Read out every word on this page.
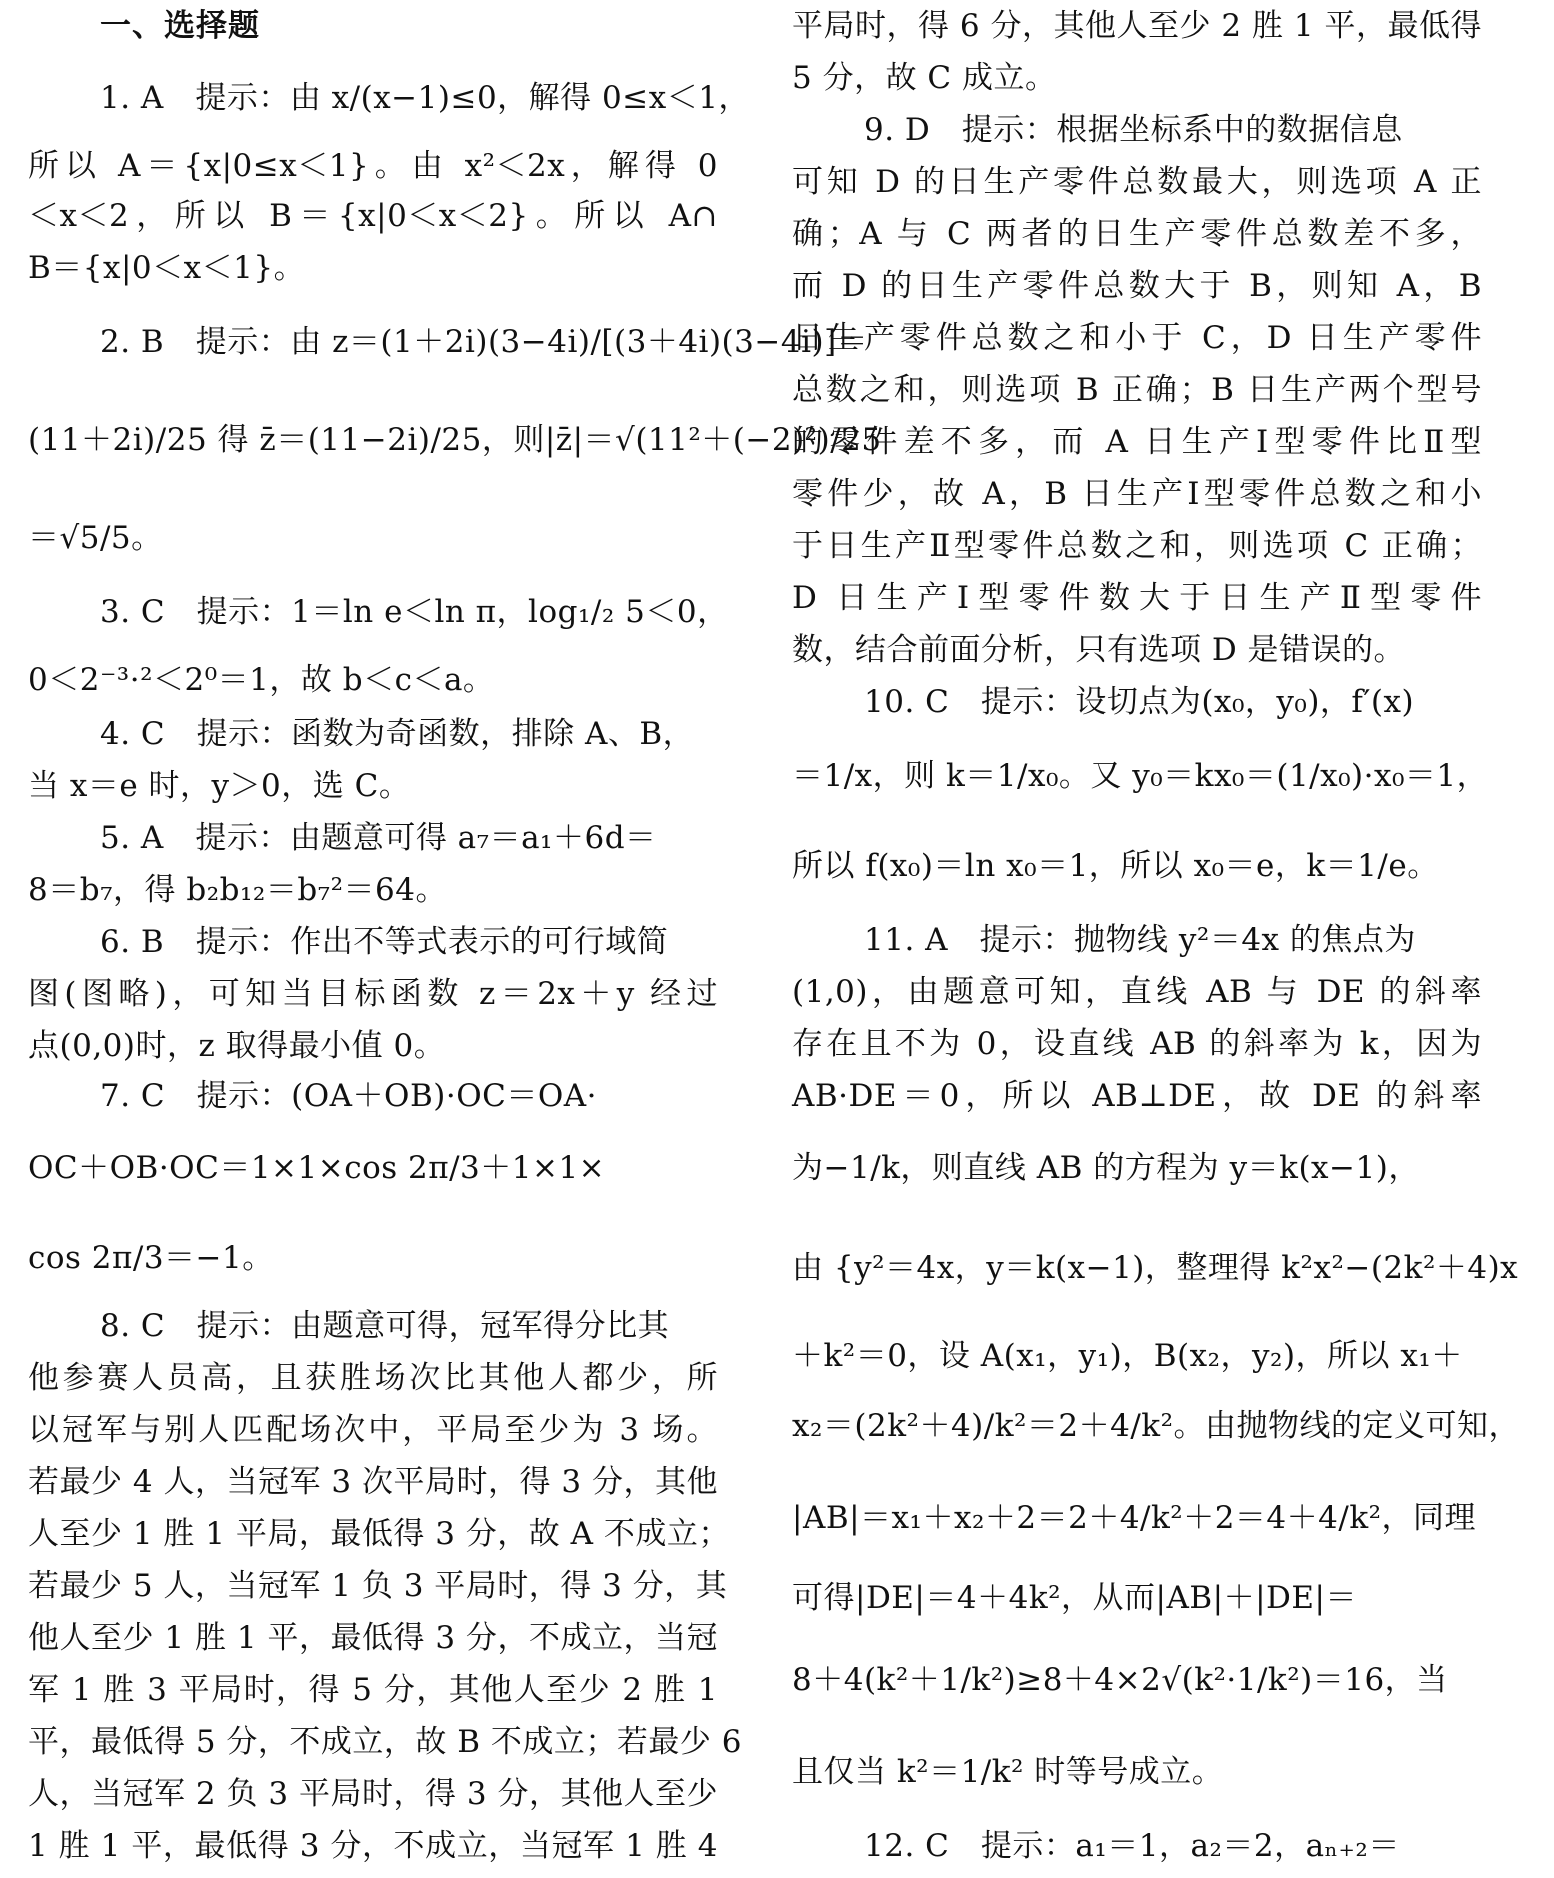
一、选择题
1. A　提示：由 x/(x−1)≤0，解得 0≤x＜1，
所以 A＝{x|0≤x＜1}。由 x²＜2x，解得 0
＜x＜2，所以 B＝{x|0＜x＜2}。所以 A∩
B＝{x|0＜x＜1}。
2. B　提示：由 z＝(1＋2i)(3−4i)/[(3＋4i)(3−4i)]＝
(11＋2i)/25 得 z̄＝(11−2i)/25，则|z̄|＝√(11²＋(−2)²)/25
＝√5/5。
3. C　提示：1＝ln e＜ln π，log₁/₂ 5＜0，
0＜2⁻³·²＜2⁰＝1，故 b＜c＜a。
4. C　提示：函数为奇函数，排除 A、B，
当 x＝e 时，y＞0，选 C。
5. A　提示：由题意可得 a₇＝a₁＋6d＝
8＝b₇，得 b₂b₁₂＝b₇²＝64。
6. B　提示：作出不等式表示的可行域简
图(图略)，可知当目标函数 z＝2x＋y 经过
点(0,0)时，z 取得最小值 0。
7. C　提示：(OA＋OB)·OC＝OA·
OC＋OB·OC＝1×1×cos 2π/3＋1×1×
cos 2π/3＝−1。
8. C　提示：由题意可得，冠军得分比其
他参赛人员高，且获胜场次比其他人都少，所
以冠军与别人匹配场次中，平局至少为 3 场。
若最少 4 人，当冠军 3 次平局时，得 3 分，其他
人至少 1 胜 1 平局，最低得 3 分，故 A 不成立；
若最少 5 人，当冠军 1 负 3 平局时，得 3 分，其
他人至少 1 胜 1 平，最低得 3 分，不成立，当冠
军 1 胜 3 平局时，得 5 分，其他人至少 2 胜 1
平，最低得 5 分，不成立，故 B 不成立；若最少 6
人，当冠军 2 负 3 平局时，得 3 分，其他人至少
1 胜 1 平，最低得 3 分，不成立，当冠军 1 胜 4
平局时，得 6 分，其他人至少 2 胜 1 平，最低得
5 分，故 C 成立。
9. D　提示：根据坐标系中的数据信息
可知 D 的日生产零件总数最大，则选项 A 正
确；A 与 C 两者的日生产零件总数差不多，
而 D 的日生产零件总数大于 B，则知 A，B
日生产零件总数之和小于 C，D 日生产零件
总数之和，则选项 B 正确；B 日生产两个型号
的零件差不多，而 A 日生产Ⅰ型零件比Ⅱ型
零件少，故 A，B 日生产Ⅰ型零件总数之和小
于日生产Ⅱ型零件总数之和，则选项 C 正确；
D 日生产Ⅰ型零件数大于日生产Ⅱ型零件
数，结合前面分析，只有选项 D 是错误的。
10. C　提示：设切点为(x₀，y₀)，f′(x)
＝1/x，则 k＝1/x₀。又 y₀＝kx₀＝(1/x₀)·x₀＝1，
所以 f(x₀)＝ln x₀＝1，所以 x₀＝e，k＝1/e。
11. A　提示：抛物线 y²＝4x 的焦点为
(1,0)，由题意可知，直线 AB 与 DE 的斜率
存在且不为 0，设直线 AB 的斜率为 k，因为
AB·DE＝0，所以 AB⊥DE，故 DE 的斜率
为−1/k，则直线 AB 的方程为 y＝k(x−1)，
由 {y²＝4x，y＝k(x−1)，整理得 k²x²−(2k²＋4)x
＋k²＝0，设 A(x₁，y₁)，B(x₂，y₂)，所以 x₁＋
x₂＝(2k²＋4)/k²＝2＋4/k²。由抛物线的定义可知，
|AB|＝x₁＋x₂＋2＝2＋4/k²＋2＝4＋4/k²，同理
可得|DE|＝4＋4k²，从而|AB|＋|DE|＝
8＋4(k²＋1/k²)≥8＋4×2√(k²·1/k²)＝16，当
且仅当 k²＝1/k² 时等号成立。
12. C　提示：a₁＝1，a₂＝2，aₙ₊₂＝
